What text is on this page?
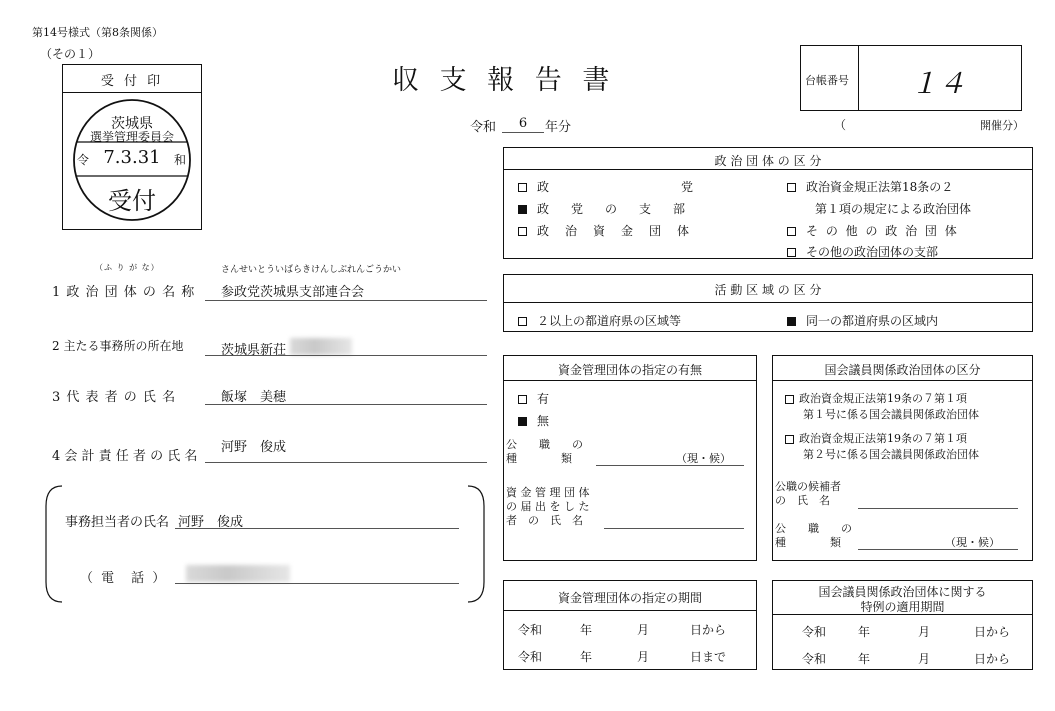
第14号様式（第8条関係）
（その１）
収 支 報 告 書
受 付 印
茨城県
選挙管理委員会
令 7.3.31	和
受付
台帳番号 １４
（	開催分）
令和	6	年分
政 治 団 体 の 区 分
政　　　　　　　　　　　党
政　党　の　支　部
政　治　資　金　団　体
政治資金規正法第18条の２
第１項の規定による政治団体
そ の 他 の 政 治 団 体
その他の政治団体の支部
活 動 区 域 の 区 分
２以上の都道府県の区域等	同一の都道府県の区域内
（ふ り が な）	さんせいとういばらきけんしぶれんごうかい
1 政 治 団 体 の 名 称 参政党茨城県支部連合会
2 主たる事務所の所在地	茨城県新荘
3 代 表 者 の 氏 名	飯塚　美穂
4 会 計 責 任 者 の 氏 名
河野　俊成
事務担当者の氏名 河野　俊成
（ 電　話 ）
資金管理団体の指定の有無
有
無
公　　職　　の
種　　　　類	（現・候）
資 金 管 理 団 体
の 届 出 を し た
者　の　氏　名
国会議員関係政治団体の区分
政治資金規正法第19条の７第１項
第１号に係る国会議員関係政治団体
政治資金規正法第19条の７第１項
第２号に係る国会議員関係政治団体
公職の候補者
の　氏　名
公　　職　　の
種　　　　類	（現・候）
資金管理団体の指定の期間
令和	年	月	日から
令和	年	月	日まで
国会議員関係政治団体に関する
特例の適用期間
令和	年	月	日から
令和	年	月	日から
